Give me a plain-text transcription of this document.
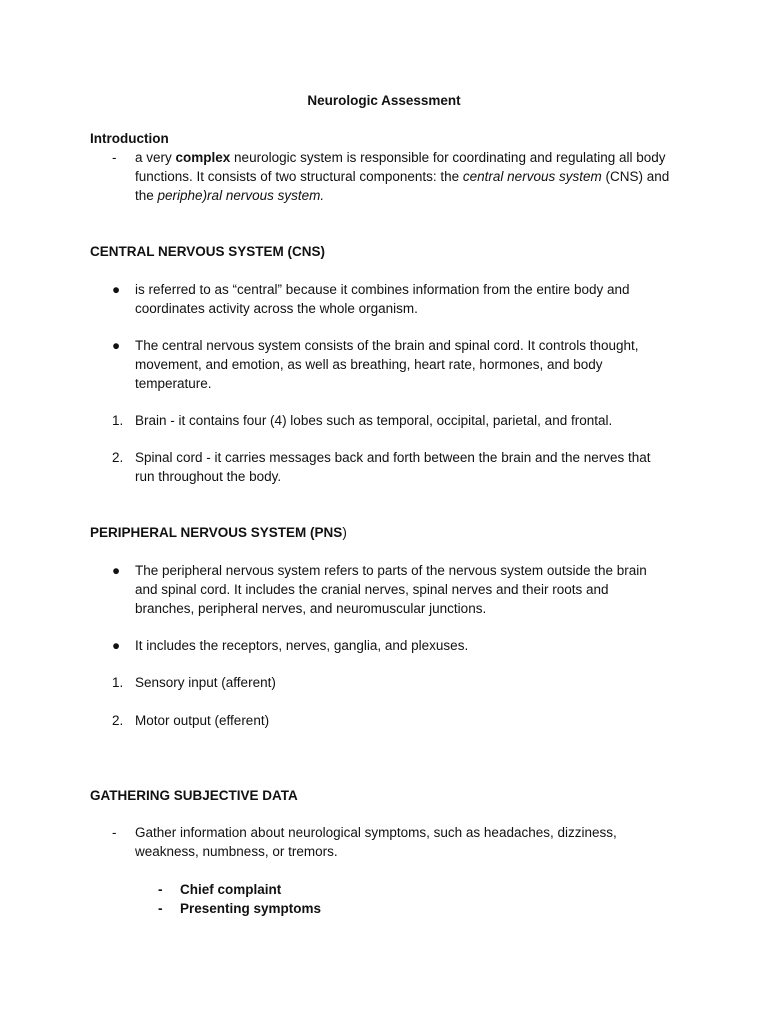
Neurologic Assessment
Introduction
-	a very complex neurologic system is responsible for coordinating and regulating all body functions. It consists of two structural components: the central nervous system (CNS) and the periphe)ral nervous system.
CENTRAL NERVOUS SYSTEM (CNS)
●	is referred to as “central” because it combines information from the entire body and coordinates activity across the whole organism.
●	The central nervous system consists of the brain and spinal cord. It controls thought, movement, and emotion, as well as breathing, heart rate, hormones, and body temperature.
1. Brain - it contains four (4) lobes such as temporal, occipital, parietal, and frontal.
2. Spinal cord - it carries messages back and forth between the brain and the nerves that run throughout the body.
PERIPHERAL NERVOUS SYSTEM (PNS)
●	The peripheral nervous system refers to parts of the nervous system outside the brain and spinal cord. It includes the cranial nerves, spinal nerves and their roots and branches, peripheral nerves, and neuromuscular junctions.
●	It includes the receptors, nerves, ganglia, and plexuses.
1. Sensory input (afferent)
2. Motor output (efferent)
GATHERING SUBJECTIVE DATA
-	Gather information about neurological symptoms, such as headaches, dizziness, weakness, numbness, or tremors.
- Chief complaint
- Presenting symptoms
